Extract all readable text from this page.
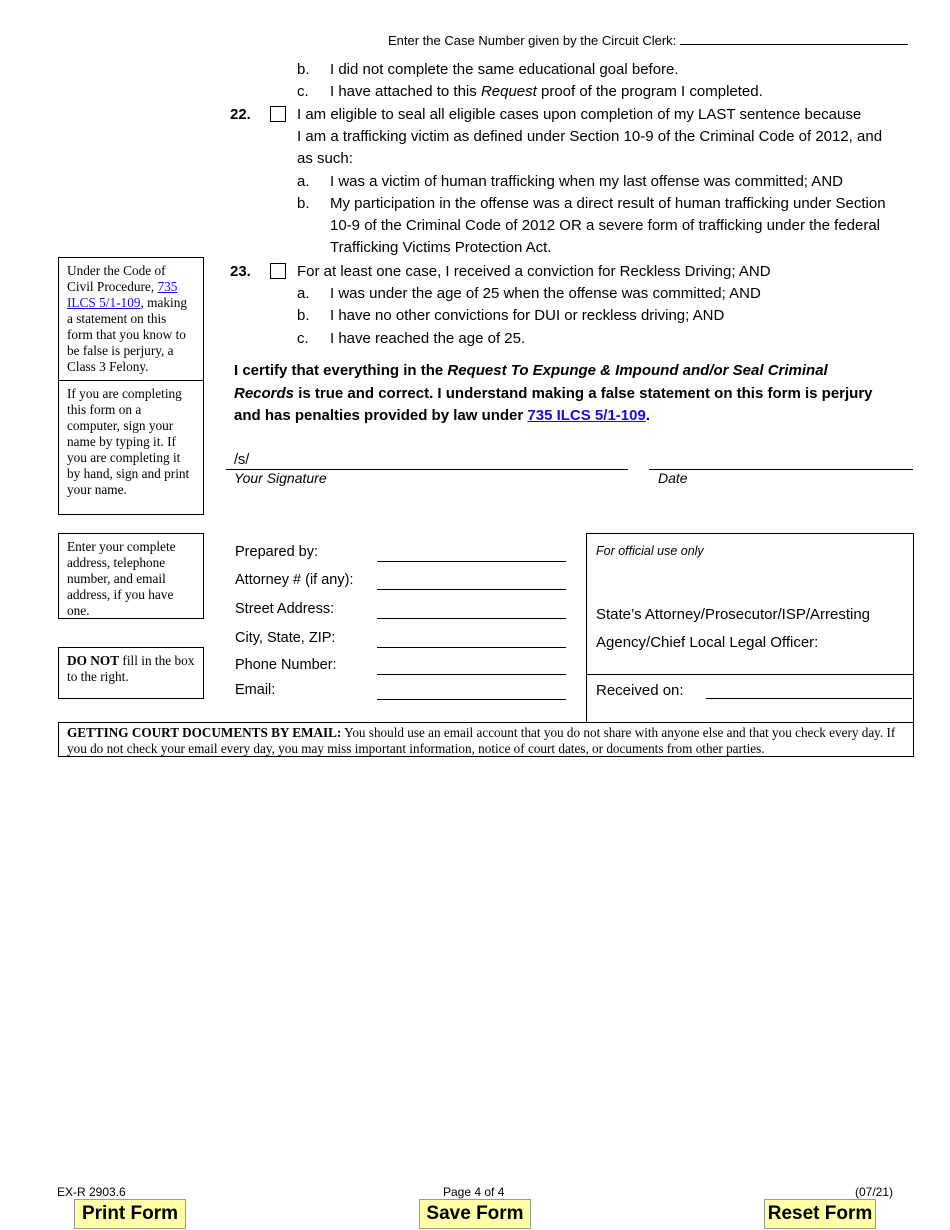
Enter the Case Number given by the Circuit Clerk:
b. I did not complete the same educational goal before.
c. I have attached to this Request proof of the program I completed.
22.	I am eligible to seal all eligible cases upon completion of my LAST sentence because
I am a trafficking victim as defined under Section 10-9 of the Criminal Code of 2012, and
as such:
a. I was a victim of human trafficking when my last offense was committed; AND
b. My participation in the offense was a direct result of human trafficking under Section
10-9 of the Criminal Code of 2012 OR a severe form of trafficking under the federal
Trafficking Victims Protection Act.
23.	For at least one case, I received a conviction for Reckless Driving; AND
a. I was under the age of 25 when the offense was committed; AND
b. I have no other convictions for DUI or reckless driving; AND
c. I have reached the age of 25.
Under the Code of Civil Procedure, 735 ILCS 5/1-109, making a statement on this form that you know to be false is perjury, a Class 3 Felony.
If you are completing this form on a computer, sign your name by typing it. If you are completing it by hand, sign and print your name.
Enter your complete address, telephone number, and email address, if you have one.
DO NOT fill in the box to the right.
I certify that everything in the Request To Expunge & Impound and/or Seal Criminal
Records is true and correct. I understand making a false statement on this form is perjury
and has penalties provided by law under 735 ILCS 5/1-109.
/s/
Your Signature	Date
Prepared by:
Attorney # (if any):
Street Address:
City, State, ZIP:
Phone Number:
Email:
For official use only
State’s Attorney/Prosecutor/ISP/Arresting
Agency/Chief Local Legal Officer:
Received on:
GETTING COURT DOCUMENTS BY EMAIL: You should use an email account that you do not share with anyone else and that you check every day. If you do not check your email every day, you may miss important information, notice of court dates, or documents from other parties.
EX-R 2903.6	Page 4 of 4	(07/21)
Print Form	Save Form	Reset Form
